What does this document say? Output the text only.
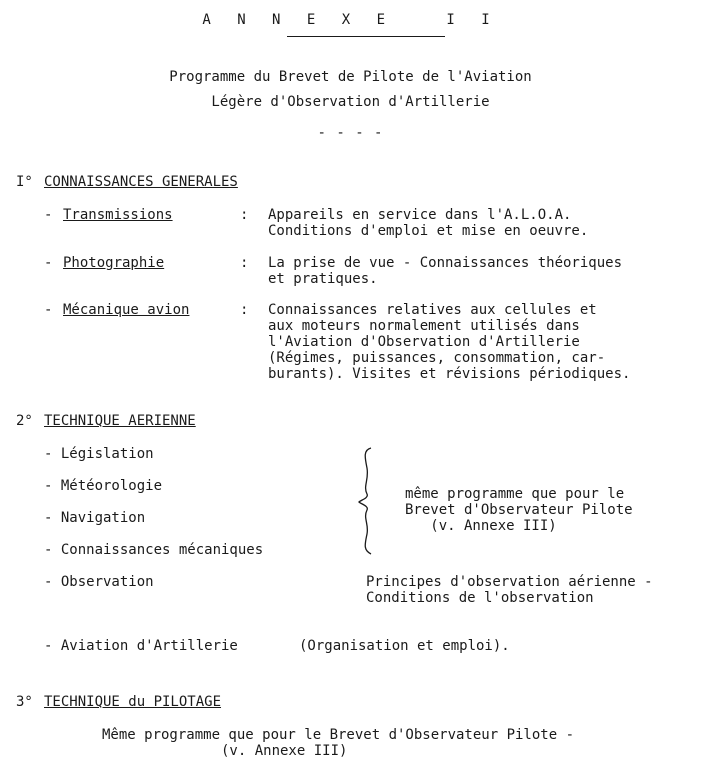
A N N E X E   I I
Programme du Brevet de Pilote de l'Aviation
Légère d'Observation d'Artillerie
- - - -
I° CONNAISSANCES GENERALES
- Transmissions	: Appareils en service dans l'A.L.O.A.
Conditions d'emploi et mise en oeuvre.
- Photographie	: La prise de vue - Connaissances théoriques
et pratiques.
- Mécanique avion	: Connaissances relatives aux cellules et
aux moteurs normalement utilisés dans
l'Aviation d'Observation d'Artillerie
(Régimes, puissances, consommation, car-
burants). Visites et révisions périodiques.
2° TECHNIQUE AERIENNE
- Législation
- Météorologie
- Navigation
- Connaissances mécaniques
- Observation
même programme que pour le
Brevet d'Observateur Pilote
(v. Annexe III)
Principes d'observation aérienne -
Conditions de l'observation
- Aviation d'Artillerie	(Organisation et emploi).
3° TECHNIQUE du PILOTAGE
Même programme que pour le Brevet d'Observateur Pilote -
(v. Annexe III)
